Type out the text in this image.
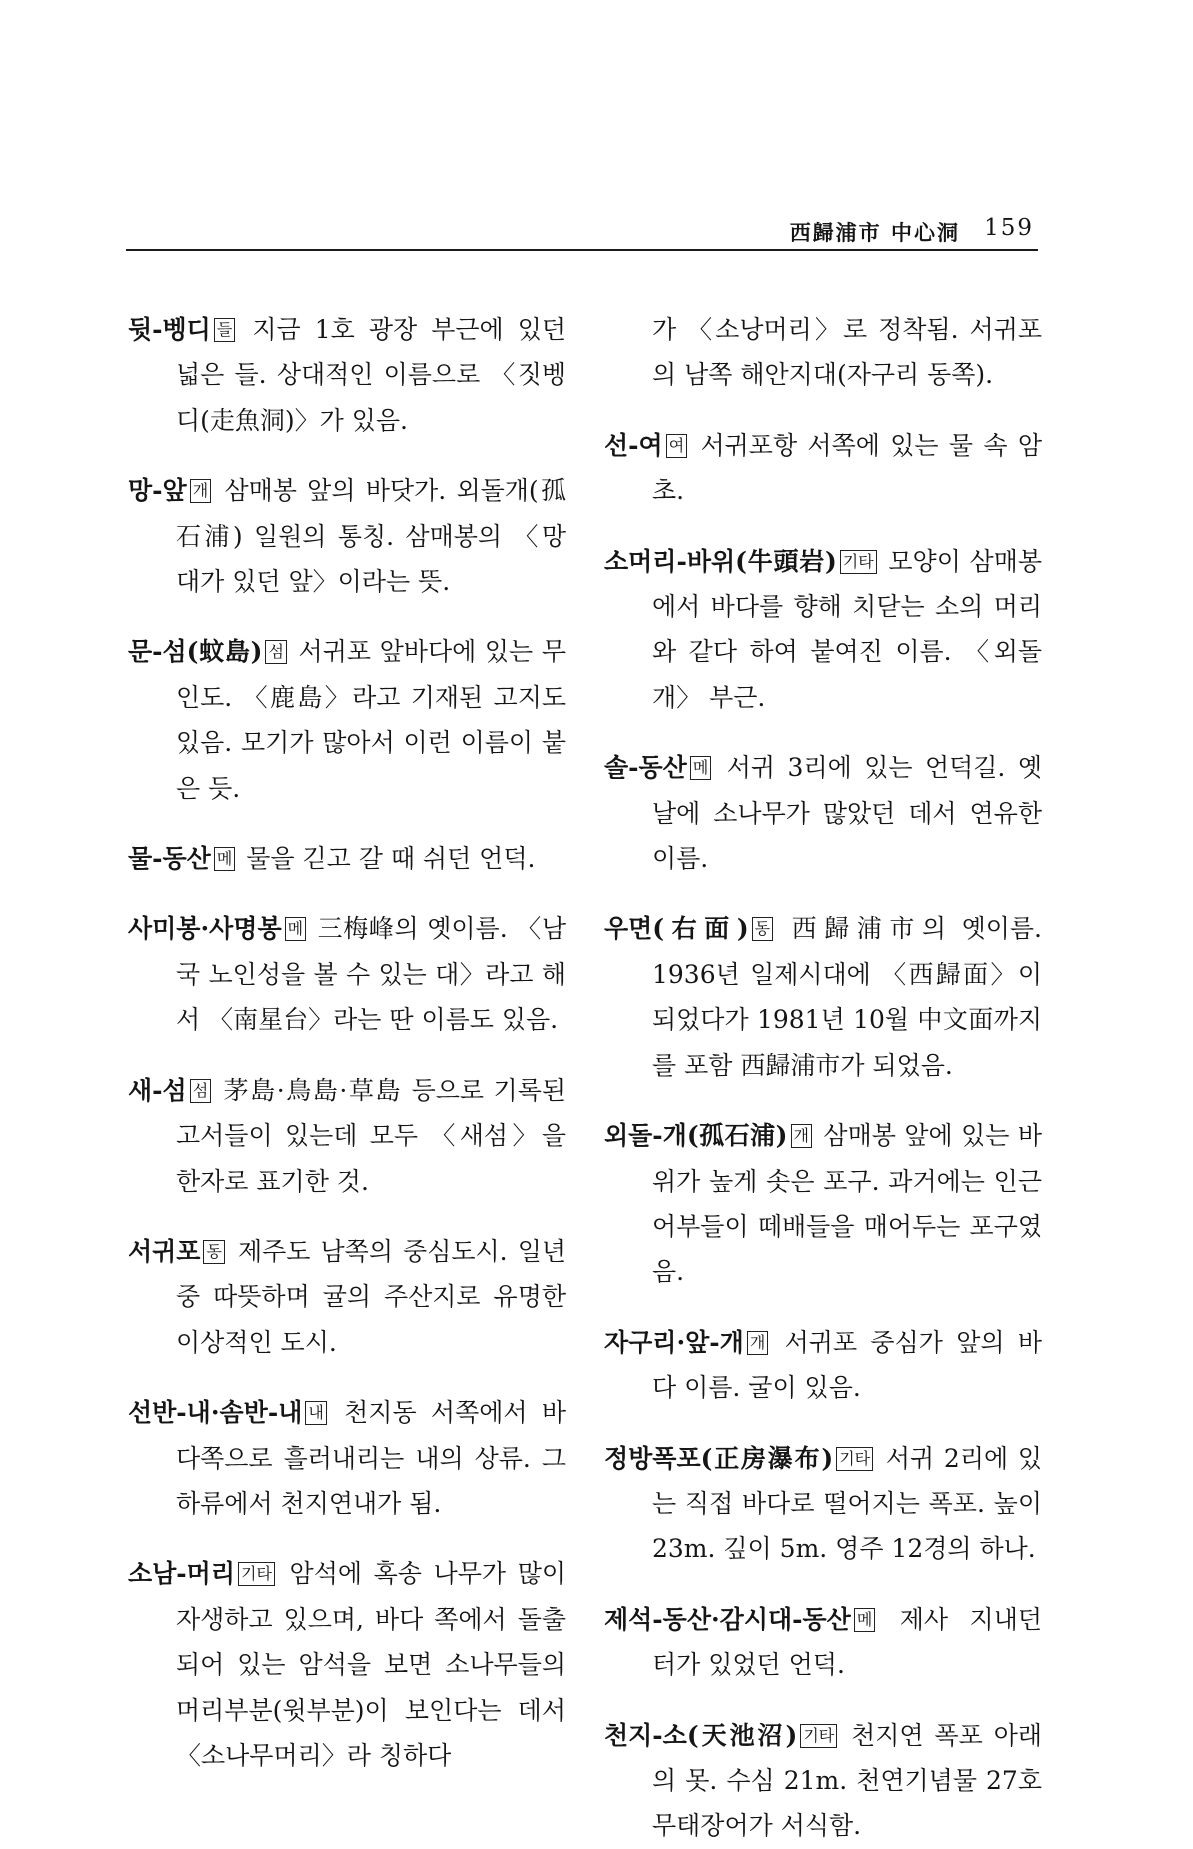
西歸浦市 中心洞 159

뒷-벵디 들 지금 1호 광장 부근에 있던 넓은 들. 상대적인 이름으로 〈짓벵디(走魚洞)〉가 있음.

망-앞 개 삼매봉 앞의 바닷가. 외돌개(孤石浦) 일원의 통칭. 삼매봉의 〈망대가 있던 앞〉이라는 뜻.

문-섬(蚊島) 섬 서귀포 앞바다에 있는 무인도. 〈鹿島〉라고 기재된 고지도 있음. 모기가 많아서 이런 이름이 붙은 듯.

물-동산 메 물을 긷고 갈 때 쉬던 언덕.

사미봉·사명봉 메 三梅峰의 옛이름. 〈남국 노인성을 볼 수 있는 대〉라고 해서 〈南星台〉라는 딴 이름도 있음.

새-섬 섬 茅島·鳥島·草島 등으로 기록된 고서들이 있는데 모두 〈새섬〉을 한자로 표기한 것.

서귀포 동 제주도 남쪽의 중심도시. 일년 중 따뜻하며 귤의 주산지로 유명한 이상적인 도시.

선반-내·솜반-내 내 천지동 서쪽에서 바다쪽으로 흘러내리는 내의 상류. 그 하류에서 천지연내가 됨.

소남-머리 기타 암석에 혹송 나무가 많이 자생하고 있으며, 바다 쪽에서 돌출되어 있는 암석을 보면 소나무들의 머리부분(윗부분)이 보인다는 데서 〈소나무머리〉라 칭하다

가 〈소낭머리〉로 정착됨. 서귀포의 남쪽 해안지대(자구리 동쪽).

선-여 여 서귀포항 서쪽에 있는 물 속 암초.

소머리-바위(牛頭岩) 기타 모양이 삼매봉에서 바다를 향해 치닫는 소의 머리와 같다 하여 붙여진 이름. 〈외돌개〉 부근.

솔-동산 메 서귀 3리에 있는 언덕길. 옛날에 소나무가 많았던 데서 연유한 이름.

우면(右面) 동 西歸浦市의 옛이름. 1936년 일제시대에 〈西歸面〉이 되었다가 1981년 10월 中文面까지를 포함 西歸浦市가 되었음.

외돌-개(孤石浦) 개 삼매봉 앞에 있는 바위가 높게 솟은 포구. 과거에는 인근 어부들이 떼배들을 매어두는 포구였음.

자구리·앞-개 개 서귀포 중심가 앞의 바다 이름. 굴이 있음.

정방폭포(正房瀑布) 기타 서귀 2리에 있는 직접 바다로 떨어지는 폭포. 높이 23m. 깊이 5m. 영주 12경의 하나.

제석-동산·감시대-동산 메 제사 지내던 터가 있었던 언덕.

천지-소(天池沼) 기타 천지연 폭포 아래의 못. 수심 21m. 천연기념물 27호 무태장어가 서식함.
